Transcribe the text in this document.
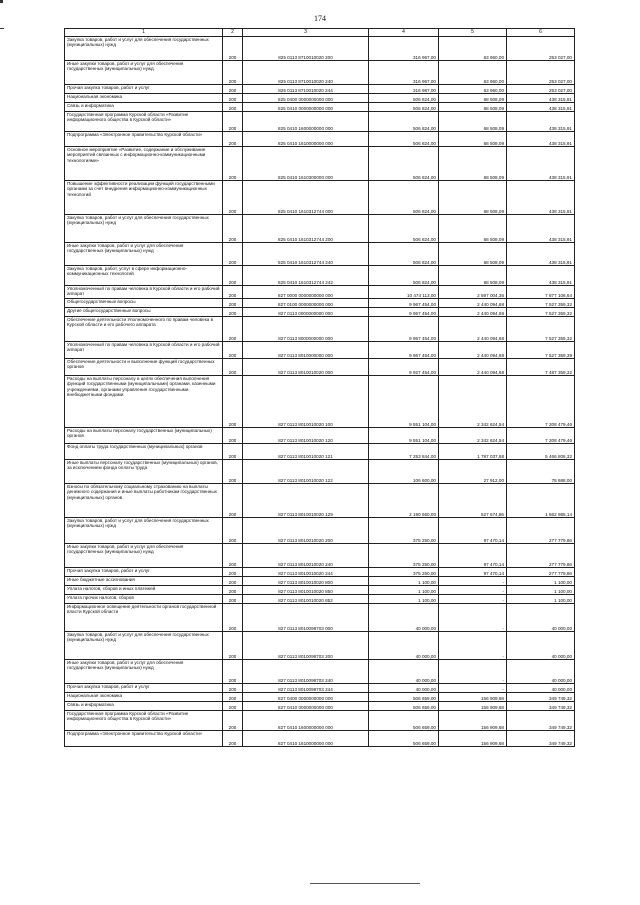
174
1	2	3	4	5	6
Закупка товаров, работ и услуг для обеспечения государственных (муниципальных) нужд	200	825 0113 8710010020 200	316 967,00	63 960,00	253 027,00
Иные закупки товаров, работ и услуг для обеспечения государственных (муниципальных) нужд	200	825 0113 8710010020 240	316 967,00	63 960,00	253 027,00
Прочая закупка товаров, работ и услуг	200	825 0113 8710010020 244	316 987,00	63 960,00	253 027,00
Национальная экономика	200	825 0400 0000000000 000	506 824,00	68 508,09	438 315,91
Связь и информатика	200	825 0410 0000000000 000	506 824,00	68 508,09	438 315,91
Государственная программа Курской области «Развитие информационного общества в Курской области»	200	825 0410 1600000000 000	506 824,00	68 508,09	438 315,91
Подпрограмма «Электронное правительство Курской области»	200	825 0410 1610000000 000	506 824,00	68 508,09	438 315,91
Основное мероприятие «Развитие, содержание и обслуживание мероприятий связанных с информационно-коммуникационными технологиями»	200	825 0410 1610300000 000	506 824,00	68 508,09	438 315,91
Повышение эффективности реализации функций государственными органами за счет внедрения информационно-коммуникационных технологий	200	825 0410 1610312744 000	506 824,00	68 508,09	438 315,91
Закупка товаров, работ и услуг для обеспечения государственных (муниципальных) нужд	200	825 0410 1610312744 200	506 824,00	68 508,09	438 315,91
Иные закупки товаров, работ и услуг для обеспечения государственных (муниципальных) нужд	200	825 0410 1610312744 240	506 824,00	68 508,09	438 315,91
Закупка товаров, работ, услуг в сфере информационно-коммуникационных технологий	200	825 0410 1610312744 242	506 824,00	68 508,09	438 315,91
Уполномоченный по правам человека в Курской области и его рабочий аппарат	200	827 0000 0000000000 000	10 474 113,00	2 597 004,36	7 877 108,64
Общегосударственные вопросы	200	827 0100 0000000000 000	9 967 454,00	2 440 094,68	7 527 359,32
Другие общегосударственные вопросы	200	827 0113 0000000000 000	9 967 454,00	2 440 094,68	7 527 359,32
Обеспечение деятельности Уполномоченного по правам человека в Курской области и его рабочего аппарата	200	827 0113 8000000000 000	9 967 454,00	2 440 094,68	7 527 359,32
Уполномоченный по правам человека в Курской области и его рабочий аппарат	200	827 0113 8010000000 000	9 967 454,00	2 440 094,68	7 527 359,39
Обеспечение деятельности и выполнение функций государственных органов	200	827 0113 8010010020 000	9 927 454,00	2 440 094,68	7 487 359,32
Расходы на выплаты персоналу в целях обеспечения выполнения функций государственными (муниципальными) органами, казенными учреждениями, органами управления государственными внебюджетными фондами	200	827 0113 8010010020 100	9 551 104,00	2 342 624,54	7 208 479,46
Расходы на выплаты персоналу государственных (муниципальных) органов	200	827 0113 8010010020 120	9 551 104,00	2 342 624,54	7 208 479,46
Фонд оплаты труда государственных (муниципальных) органов	200	827 0113 8010010020 121	7 253 844,00	1 787 037,68	5 466 806,32
Иные выплаты персоналу государственных (муниципальных) органов, за исключением фонда оплаты труда	200	827 0113 8010010020 122	106 600,00	27 912,00	78 688,00
Взносы по обязательному социальному страхованию на выплаты денежного содержания и иные выплаты работникам государственных (муниципальных) органов	200	827 0113 8010010020 129	2 190 660,00	527 674,86	1 662 985,14
Закупка товаров, работ и услуг для обеспечения государственных (муниципальных) нужд	200	827 0113 8010010020 200	375 250,00	97 470,14	277 779,86
Иные закупки товаров, работ и услуг для обеспечения государственных (муниципальных) нужд	200	827 0113 8010010020 240	375 250,00	97 470,14	277 779,86
Прочая закупка товаров, работ и услуг	200	827 0113 8010010020 244	375 250,00	97 470,14	277 779,86
Иные бюджетные ассигнования	200	827 0113 8010010020 800	1 100,00	-	1 100,00
Уплата налогов, сборов и иных платежей	200	827 0113 8010010020 850	1 100,00	-	1 100,00
Уплата прочих налогов, сборов	200	827 0113 8010010020 852	1 100,00	-	1 100,00
Информационное освещение деятельности органов государственной власти Курской области	200	827 0113 8010098703 000	40 000,00	-	40 000,00
Закупка товаров, работ и услуг для обеспечения государственных (муниципальных) нужд	200	827 0113 8010098703 200	40 000,00	-	40 000,00
Иные закупки товаров, работ и услуг для обеспечения государственных (муниципальных) нужд	200	827 0113 8010098703 240	40 000,00	-	40 000,00
Прочая закупка товаров, работ и услуг	200	827 0113 8010098703 244	40 000,00	-	40 000,00
Национальная экономика	200	827 0400 0000000000 000	506 659,00	156 909,68	349 749,32
Связь и информатика	200	827 0410 0000000000 000	506 659,00	156 909,68	349 749,32
Государственная программа Курской области «Развитие информационного общества в Курской области»	200	827 0410 1600000000 000	506 659,00	156 909,68	349 749,32
Подпрограмма «Электронное правительство Курской области»	200	827 0410 1610000000 000	506 659,00	156 909,68	349 749,32
